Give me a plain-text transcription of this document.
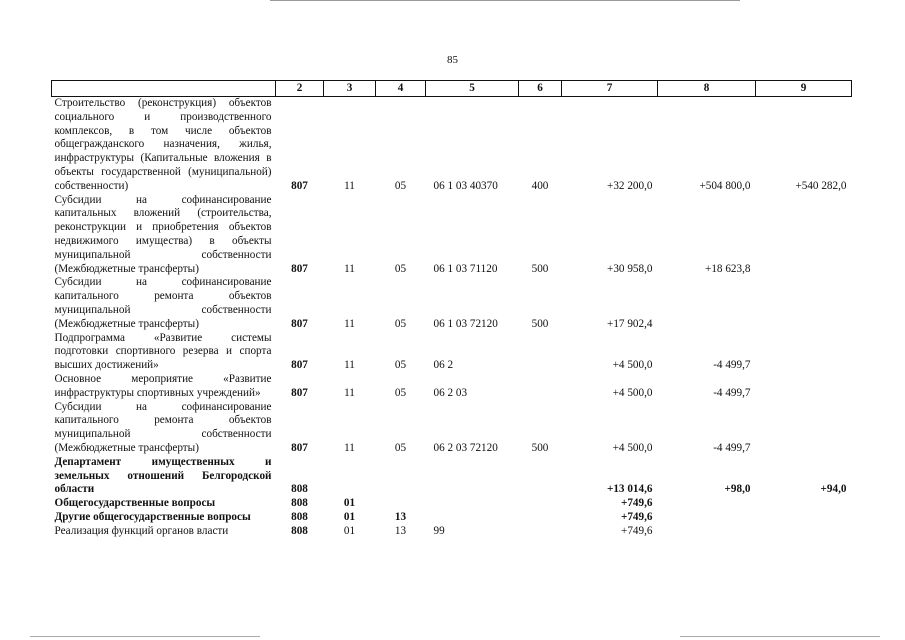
85
	2	3	4	5	6	7	8	9
Строительство (реконструкция) объектов социального и производственного комплексов, в том числе объектов общегражданского назначения, жилья, инфраструктуры (Капитальные вложения в объекты государственной (муниципальной) собственности)	807	11	05	06 1 03 40370	400	+32 200,0	+504 800,0	+540 282,0
Субсидии на софинансирование капитальных вложений (строительства, реконструкции и приобретения объектов недвижимого имущества) в объекты муниципальной собственности (Межбюджетные трансферты)	807	11	05	06 1 03 71120	500	+30 958,0	+18 623,8	
Субсидии на софинансирование капитального ремонта объектов муниципальной собственности (Межбюджетные трансферты)	807	11	05	06 1 03 72120	500	+17 902,4		
Подпрограмма «Развитие системы подготовки спортивного резерва и спорта высших достижений»	807	11	05	06 2		+4 500,0	-4 499,7	
Основное мероприятие «Развитие инфраструктуры спортивных учреждений»	807	11	05	06 2 03		+4 500,0	-4 499,7	
Субсидии на софинансирование капитального ремонта объектов муниципальной собственности (Межбюджетные трансферты)	807	11	05	06 2 03 72120	500	+4 500,0	-4 499,7	
Департамент имущественных и земельных отношений Белгородской области	808					+13 014,6	+98,0	+94,0
Общегосударственные вопросы	808	01				+749,6		
Другие общегосударственные вопросы	808	01	13			+749,6		
Реализация функций органов власти	808	01	13	99		+749,6		
